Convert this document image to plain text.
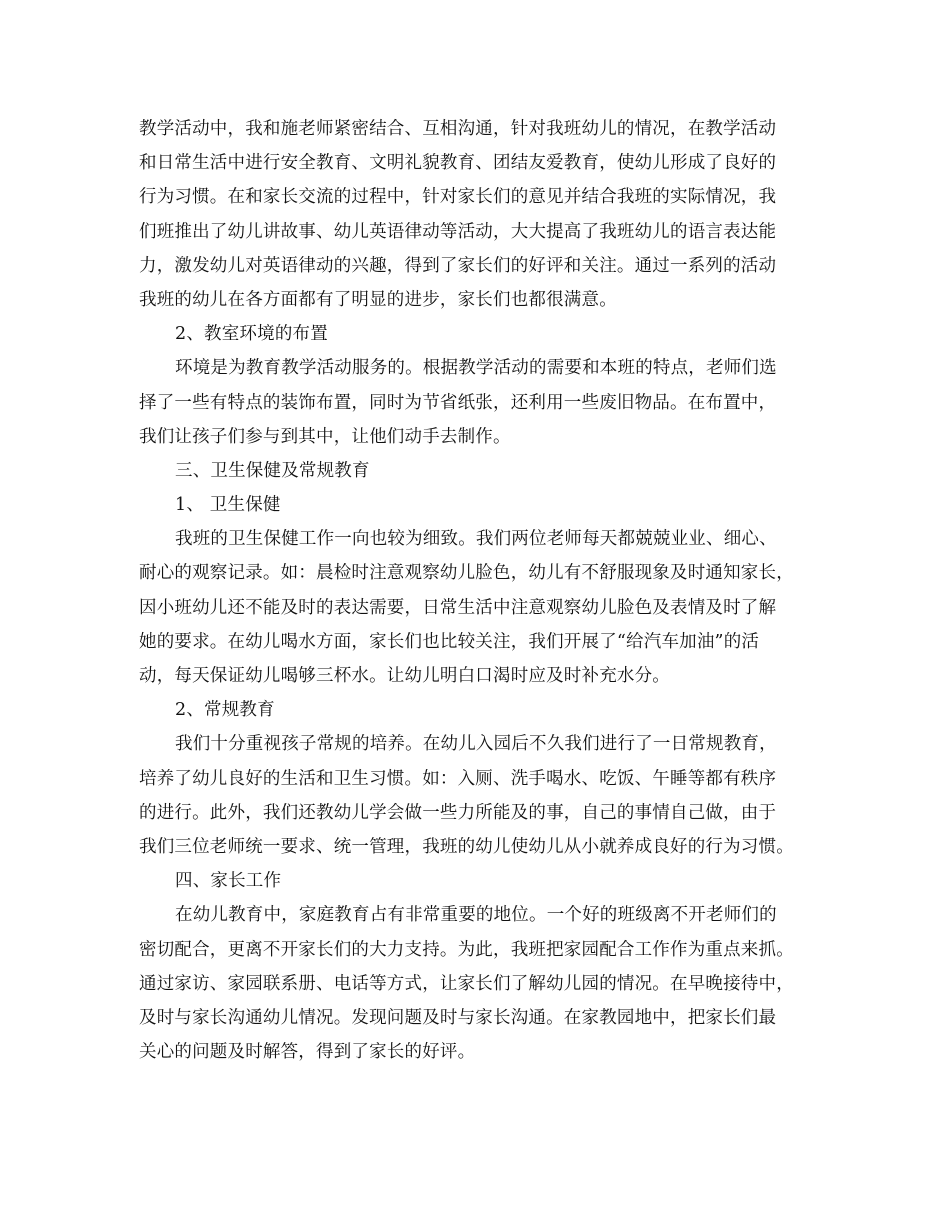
教学活动中，我和施老师紧密结合、互相沟通，针对我班幼儿的情况，在教学活动
和日常生活中进行安全教育、文明礼貌教育、团结友爱教育，使幼儿形成了良好的
行为习惯。在和家长交流的过程中，针对家长们的意见并结合我班的实际情况，我
们班推出了幼儿讲故事、幼儿英语律动等活动，大大提高了我班幼儿的语言表达能
力，激发幼儿对英语律动的兴趣，得到了家长们的好评和关注。通过一系列的活动
我班的幼儿在各方面都有了明显的进步，家长们也都很满意。
2、教室环境的布置
环境是为教育教学活动服务的。根据教学活动的需要和本班的特点，老师们选
择了一些有特点的装饰布置，同时为节省纸张，还利用一些废旧物品。在布置中，
我们让孩子们参与到其中，让他们动手去制作。
三、卫生保健及常规教育
1、 卫生保健
我班的卫生保健工作一向也较为细致。我们两位老师每天都兢兢业业、细心、
耐心的观察记录。如：晨检时注意观察幼儿脸色，幼儿有不舒服现象及时通知家长，
因小班幼儿还不能及时的表达需要，日常生活中注意观察幼儿脸色及表情及时了解
她的要求。在幼儿喝水方面，家长们也比较关注，我们开展了“给汽车加油”的活
动，每天保证幼儿喝够三杯水。让幼儿明白口渴时应及时补充水分。
2、常规教育
我们十分重视孩子常规的培养。在幼儿入园后不久我们进行了一日常规教育，
培养了幼儿良好的生活和卫生习惯。如：入厕、洗手喝水、吃饭、午睡等都有秩序
的进行。此外，我们还教幼儿学会做一些力所能及的事，自己的事情自己做，由于
我们三位老师统一要求、统一管理，我班的幼儿使幼儿从小就养成良好的行为习惯。
四、家长工作
在幼儿教育中，家庭教育占有非常重要的地位。一个好的班级离不开老师们的
密切配合，更离不开家长们的大力支持。为此，我班把家园配合工作作为重点来抓。
通过家访、家园联系册、电话等方式，让家长们了解幼儿园的情况。在早晚接待中，
及时与家长沟通幼儿情况。发现问题及时与家长沟通。在家教园地中，把家长们最
关心的问题及时解答，得到了家长的好评。
